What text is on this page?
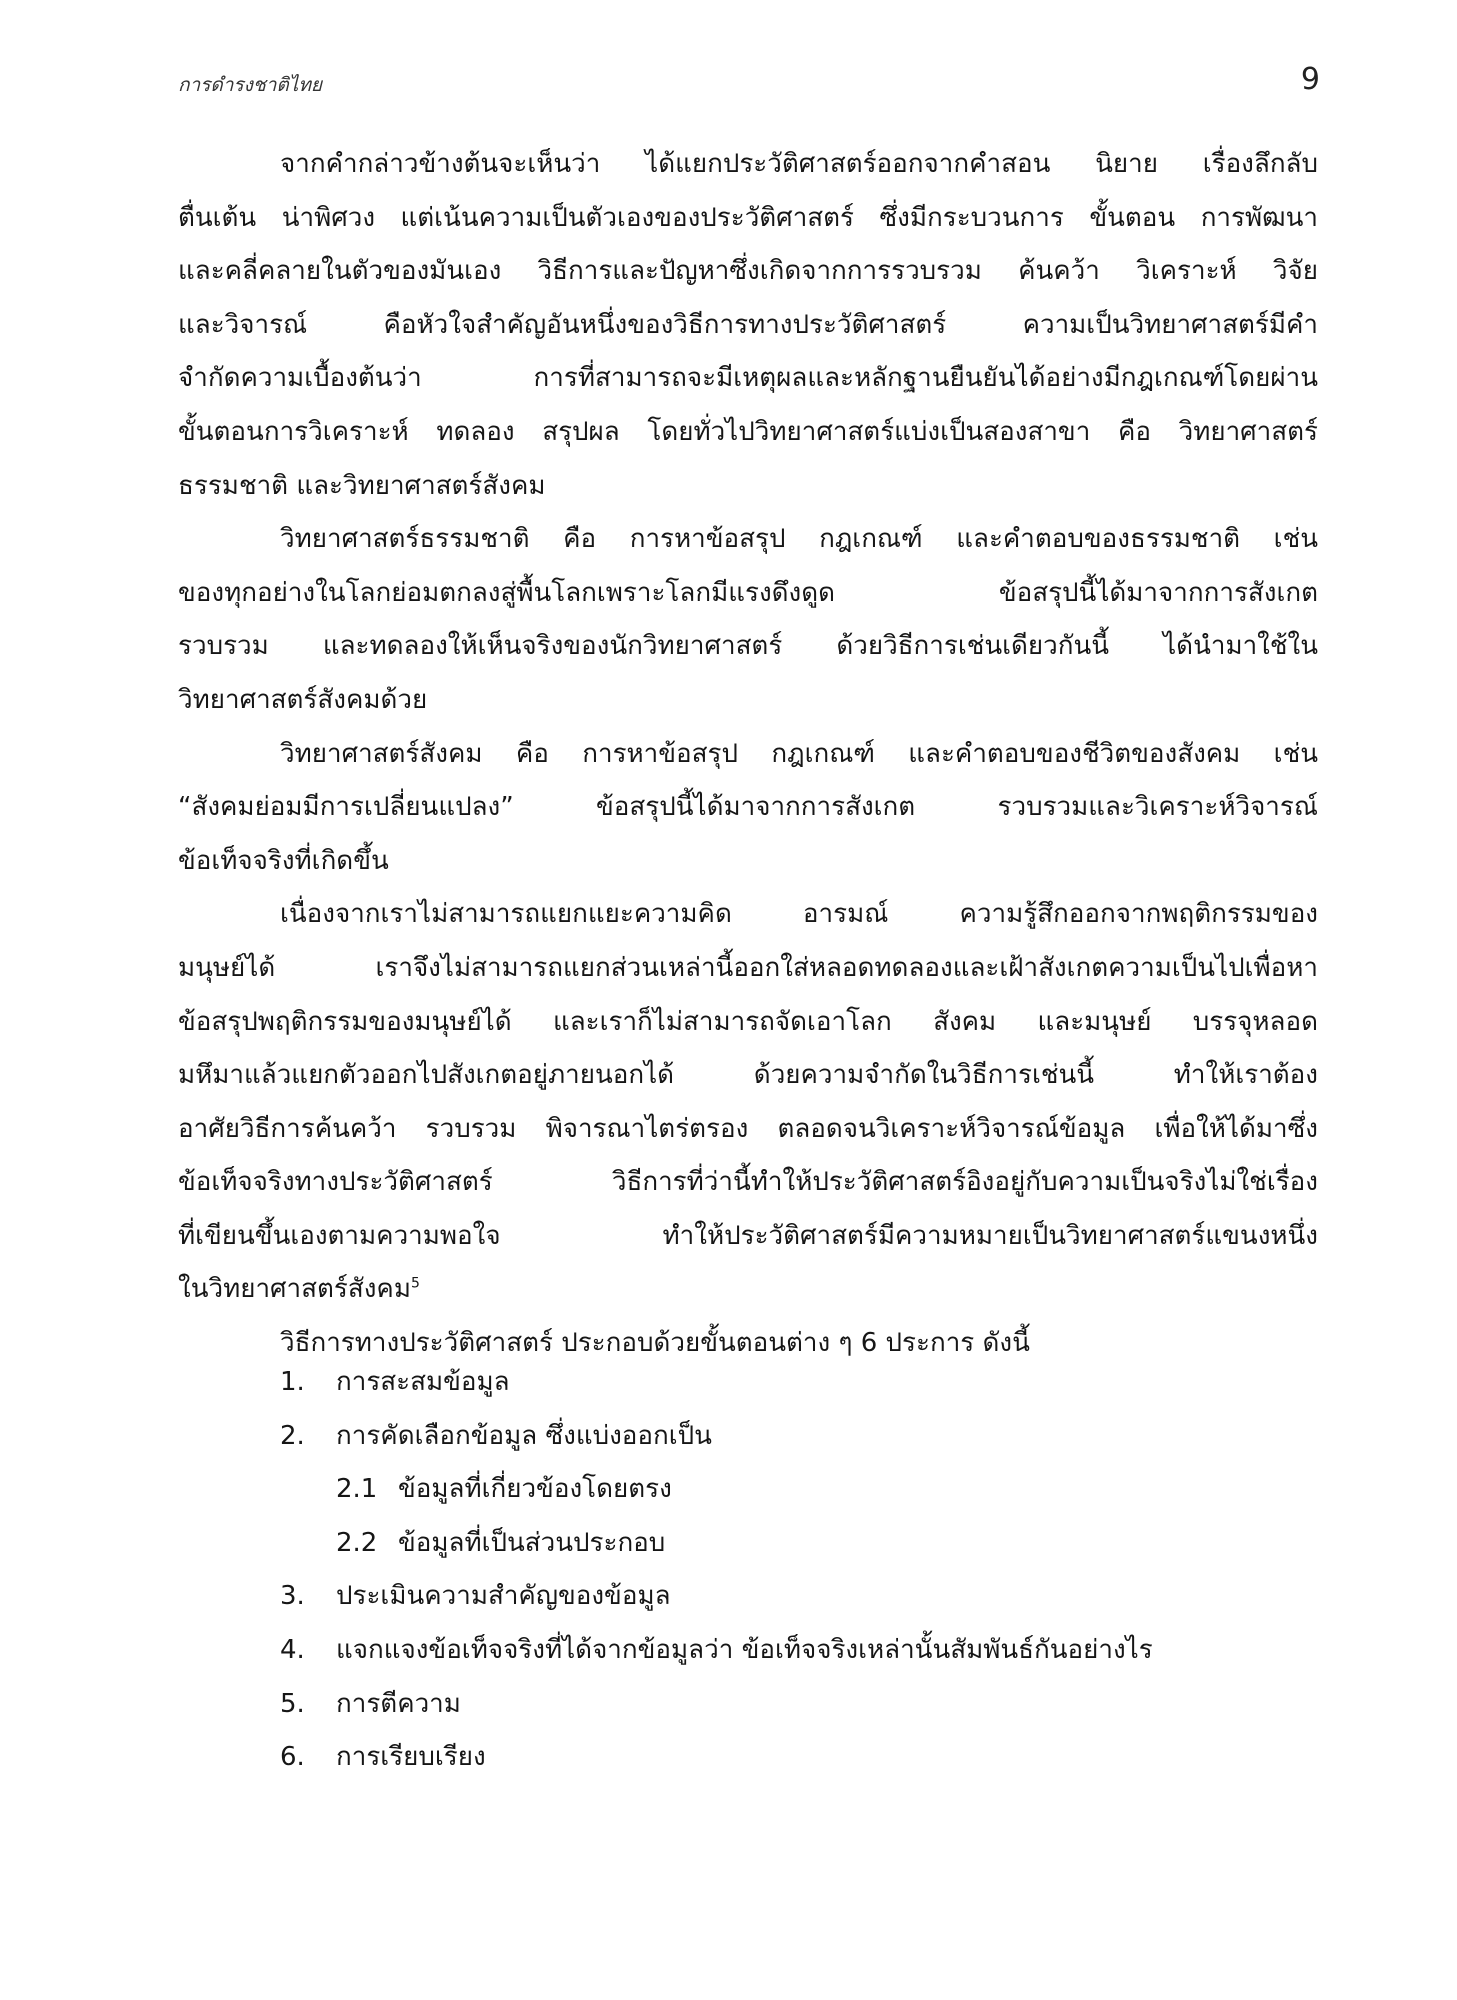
การดำรงชาติไทย	9
จากคำกล่าวข้างต้นจะเห็นว่า ได้แยกประวัติศาสตร์ออกจากคำสอน นิยาย เรื่องลึกลับ
ตื่นเต้น น่าพิศวง แต่เน้นความเป็นตัวเองของประวัติศาสตร์ ซึ่งมีกระบวนการ ขั้นตอน การพัฒนา
และคลี่คลายในตัวของมันเอง วิธีการและปัญหาซึ่งเกิดจากการรวบรวม ค้นคว้า วิเคราะห์ วิจัย
และวิจารณ์ คือหัวใจสำคัญอันหนึ่งของวิธีการทางประวัติศาสตร์ ความเป็นวิทยาศาสตร์มีคำ
จำกัดความเบื้องต้นว่า การที่สามารถจะมีเหตุผลและหลักฐานยืนยันได้อย่างมีกฎเกณฑ์โดยผ่าน
ขั้นตอนการวิเคราะห์ ทดลอง สรุปผล โดยทั่วไปวิทยาศาสตร์แบ่งเป็นสองสาขา คือ วิทยาศาสตร์
ธรรมชาติ และวิทยาศาสตร์สังคม
วิทยาศาสตร์ธรรมชาติ คือ การหาข้อสรุป กฎเกณฑ์ และคำตอบของธรรมชาติ เช่น
ของทุกอย่างในโลกย่อมตกลงสู่พื้นโลกเพราะโลกมีแรงดึงดูด ข้อสรุปนี้ได้มาจากการสังเกต
รวบรวม และทดลองให้เห็นจริงของนักวิทยาศาสตร์ ด้วยวิธีการเช่นเดียวกันนี้ ได้นำมาใช้ใน
วิทยาศาสตร์สังคมด้วย
วิทยาศาสตร์สังคม คือ การหาข้อสรุป กฎเกณฑ์ และคำตอบของชีวิตของสังคม เช่น
“สังคมย่อมมีการเปลี่ยนแปลง” ข้อสรุปนี้ได้มาจากการสังเกต รวบรวมและวิเคราะห์วิจารณ์
ข้อเท็จจริงที่เกิดขึ้น
เนื่องจากเราไม่สามารถแยกแยะความคิด อารมณ์ ความรู้สึกออกจากพฤติกรรมของ
มนุษย์ได้ เราจึงไม่สามารถแยกส่วนเหล่านี้ออกใส่หลอดทดลองและเฝ้าสังเกตความเป็นไปเพื่อหา
ข้อสรุปพฤติกรรมของมนุษย์ได้ และเราก็ไม่สามารถจัดเอาโลก สังคม และมนุษย์ บรรจุหลอด
มหึมาแล้วแยกตัวออกไปสังเกตอยู่ภายนอกได้ ด้วยความจำกัดในวิธีการเช่นนี้ ทำให้เราต้อง
อาศัยวิธีการค้นคว้า รวบรวม พิจารณาไตร่ตรอง ตลอดจนวิเคราะห์วิจารณ์ข้อมูล เพื่อให้ได้มาซึ่ง
ข้อเท็จจริงทางประวัติศาสตร์ วิธีการที่ว่านี้ทำให้ประวัติศาสตร์อิงอยู่กับความเป็นจริงไม่ใช่เรื่อง
ที่เขียนขึ้นเองตามความพอใจ ทำให้ประวัติศาสตร์มีความหมายเป็นวิทยาศาสตร์แขนงหนึ่ง
ในวิทยาศาสตร์สังคม$^5$
วิธีการทางประวัติศาสตร์ ประกอบด้วยขั้นตอนต่าง ๆ 6 ประการ ดังนี้
1. การสะสมข้อมูล
2. การคัดเลือกข้อมูล ซึ่งแบ่งออกเป็น
2.1 ข้อมูลที่เกี่ยวข้องโดยตรง
2.2 ข้อมูลที่เป็นส่วนประกอบ
3. ประเมินความสำคัญของข้อมูล
4. แจกแจงข้อเท็จจริงที่ได้จากข้อมูลว่า ข้อเท็จจริงเหล่านั้นสัมพันธ์กันอย่างไร
5. การตีความ
6. การเรียบเรียง
